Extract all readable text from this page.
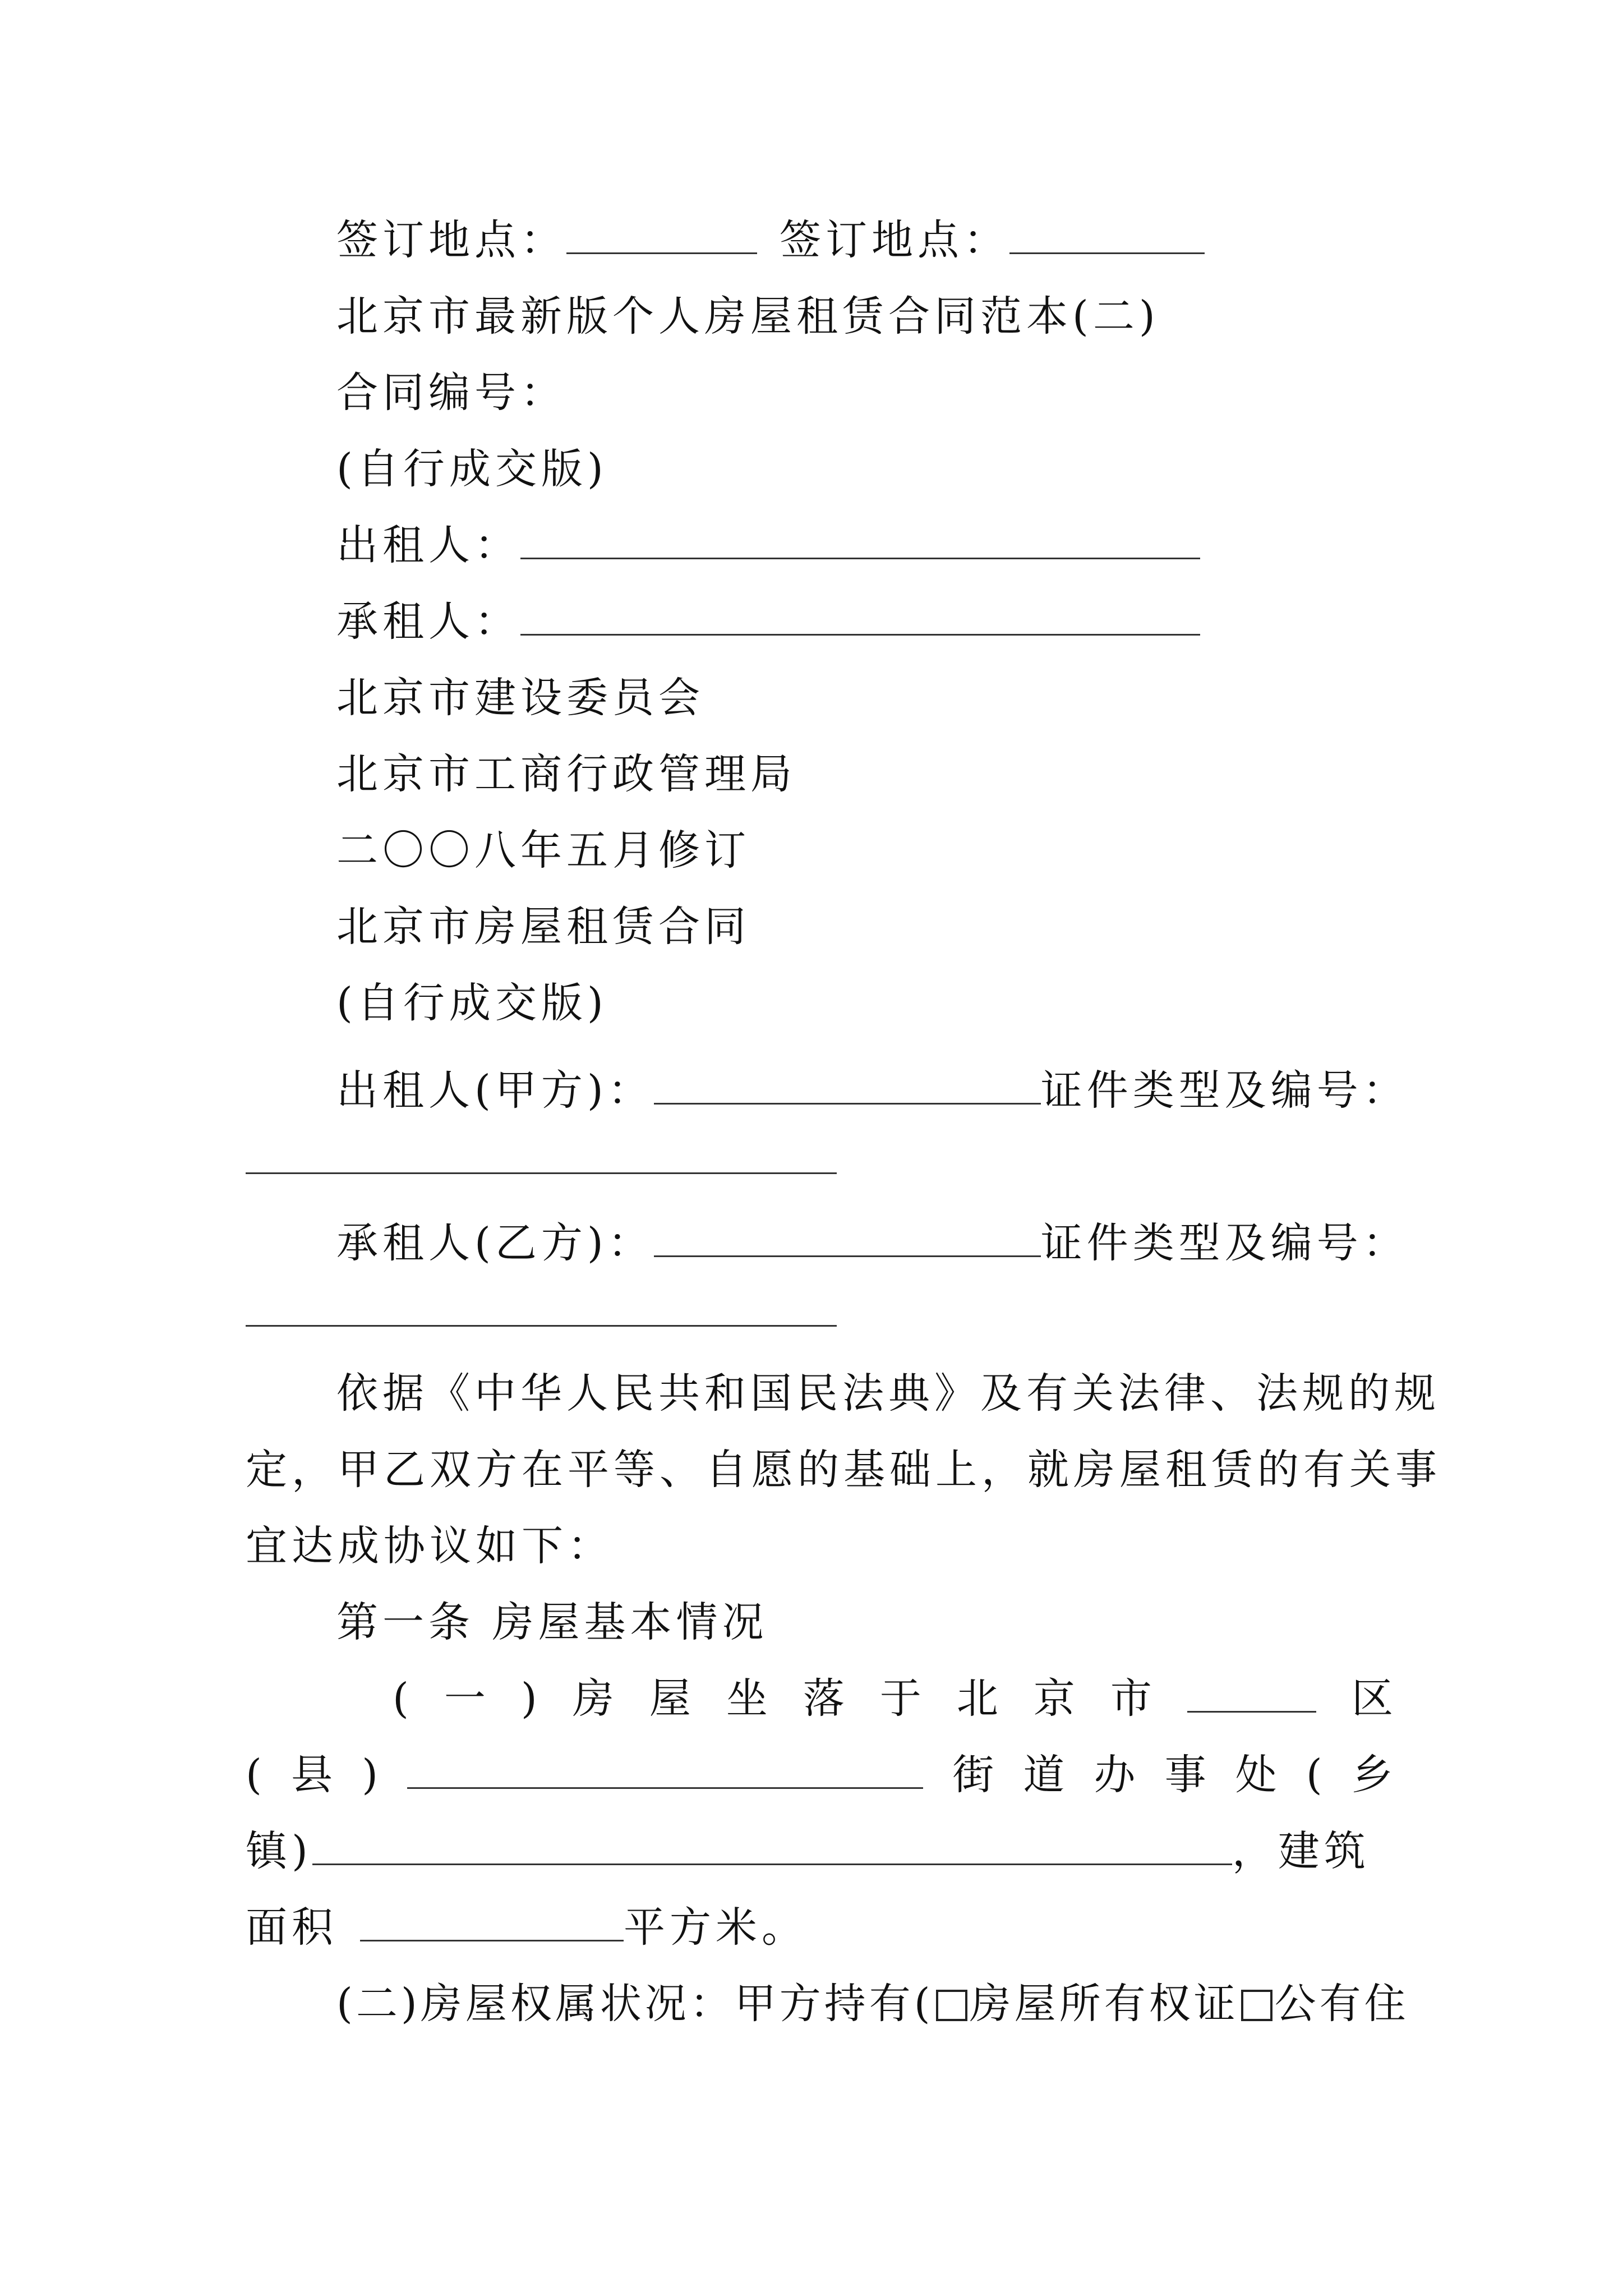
签订地点：	签订地点：
北京市最新版个人房屋租赁合同范本(二)
合同编号：
(自行成交版)
出租人：
承租人：
北京市建设委员会
北京市工商行政管理局
二〇〇八年五月修订
北京市房屋租赁合同
(自行成交版)
出租人(甲方)：	证件类型及编号：
承租人(乙方)：	证件类型及编号：
依据《中华人民共和国民法典》及有关法律、法规的规
定，甲乙双方在平等、自愿的基础上，就房屋租赁的有关事
宜达成协议如下：
第一条 房屋基本情况
( 一 ) 房 屋 坐 落 于 北 京 市	区
( 县 )	街 道 办 事 处 ( 乡
镇)	，建筑
面积	平方米。
(二)房屋权属状况：甲方持有( 房屋所有权证 公有住
